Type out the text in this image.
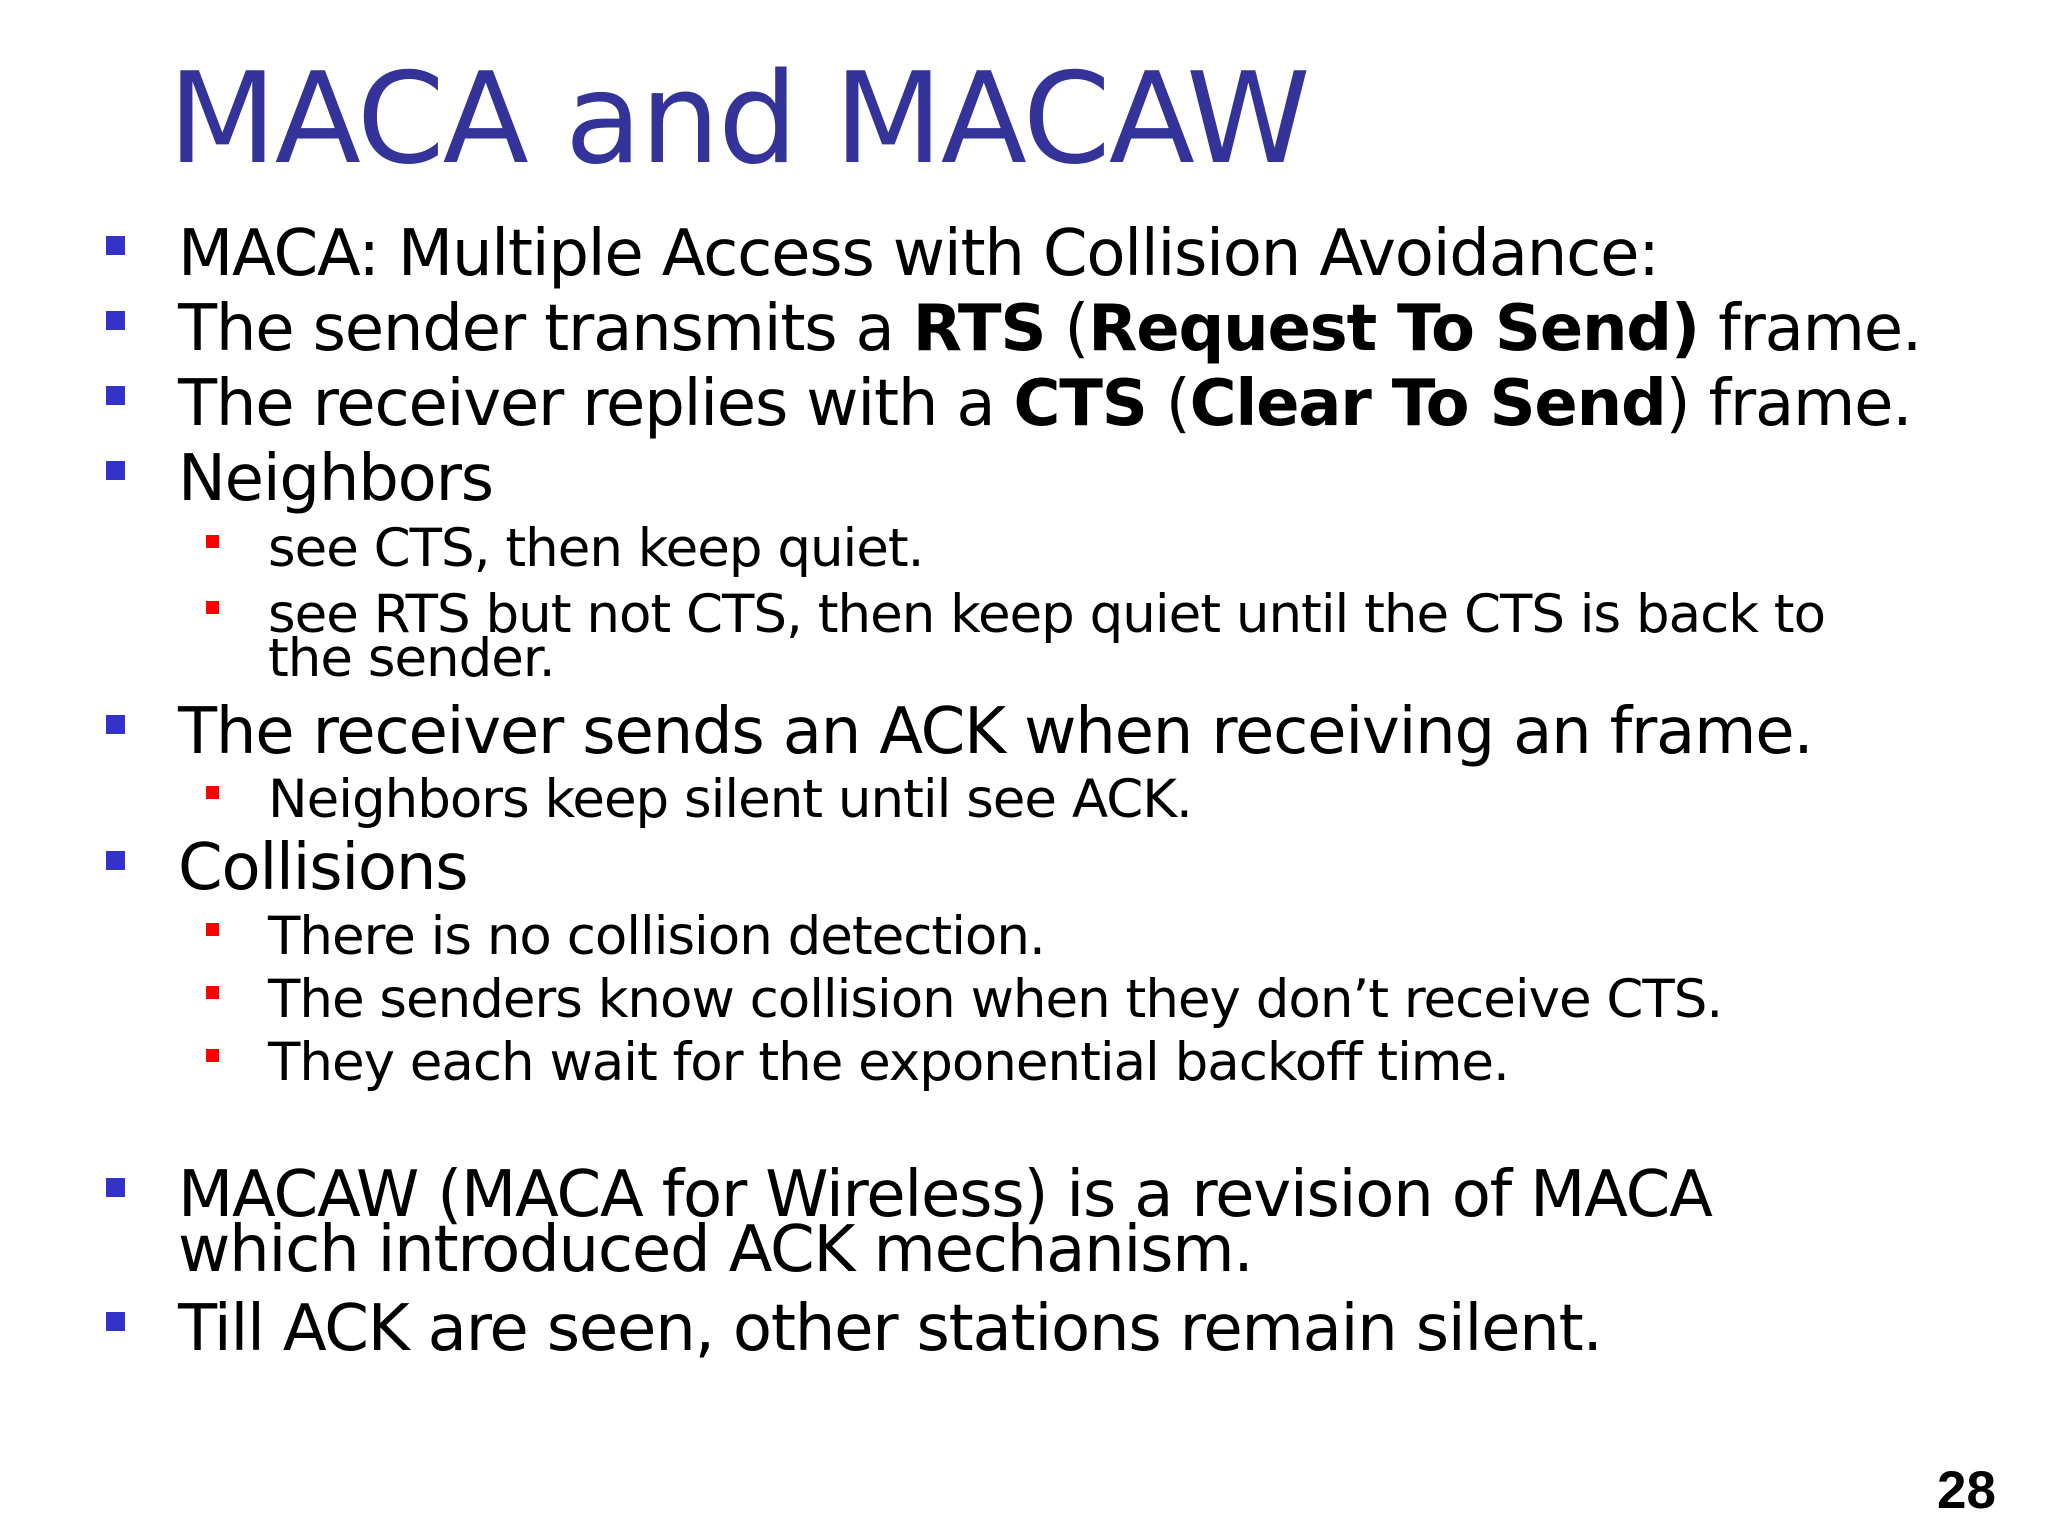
MACA and MACAW
MACA: Multiple Access with Collision Avoidance:
The sender transmits a RTS (Request To Send) frame.
The receiver replies with a CTS (Clear To Send) frame.
Neighbors
see CTS, then keep quiet.
see RTS but not CTS, then keep quiet until the CTS is back to
the sender.
The receiver sends an ACK when receiving an frame.
Neighbors keep silent until see ACK.
Collisions
There is no collision detection.
The senders know collision when they don’t receive CTS.
They each wait for the exponential backoff time.
MACAW (MACA for Wireless) is a revision of MACA
which introduced ACK mechanism.
Till ACK are seen, other stations remain silent.
28
